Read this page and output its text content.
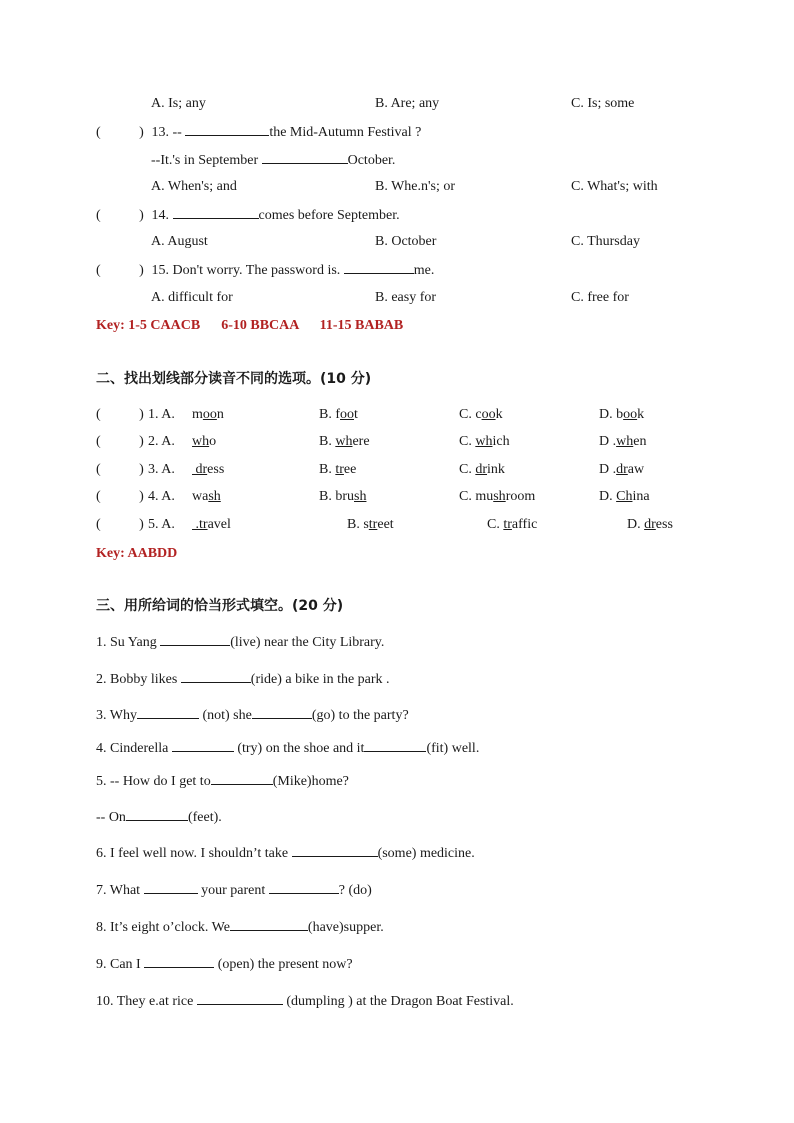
A. Is; any	B. Are; any	C. Is; some
(           ) 13. --	the Mid-Autumn Festival ?
--It.'s in September	October.
A. When's; and	B. Whe.n's; or	C. What's; with
(           ) 14.	comes before September.
A. August	B. October	C. Thursday
(           ) 15. Don't worry. The password is.	me.
A. difficult for	B. easy for	C. free for
Key: 1-5 CAACB      6-10 BBCAA      11-15 BABAB
二、找出划线部分读音不同的选项。(10 分)
(           ) 1. A. moon	B. foot	C. cook	D. book
(           ) 2. A. who	B. where	C. which	D .when
(           ) 3. A. dress	B. tree	C. drink	D .draw
(           ) 4. A. wash	B. brush	C. mushroom	D. China
(           ) 5. A. .travel	B. street	C. traffic	D. dress
Key: AABDD
三、用所给词的恰当形式填空。(20 分)
1. Su Yang	(live) near the City Library.
2. Bobby likes	(ride) a bike in the park .
3. Why	(not) she	(go) to the party?
4. Cinderella	(try) on the shoe and it	(fit) well.
5. -- How do I get to	(Mike)home?
-- On	(feet).
6. I feel well now. I shouldn’t take	(some) medicine.
7. What	your parent	? (do)
8. It’s eight o’clock. We	(have)supper.
9. Can I	(open) the present now?
10. They e.at rice	(dumpling ) at the Dragon Boat Festival.
